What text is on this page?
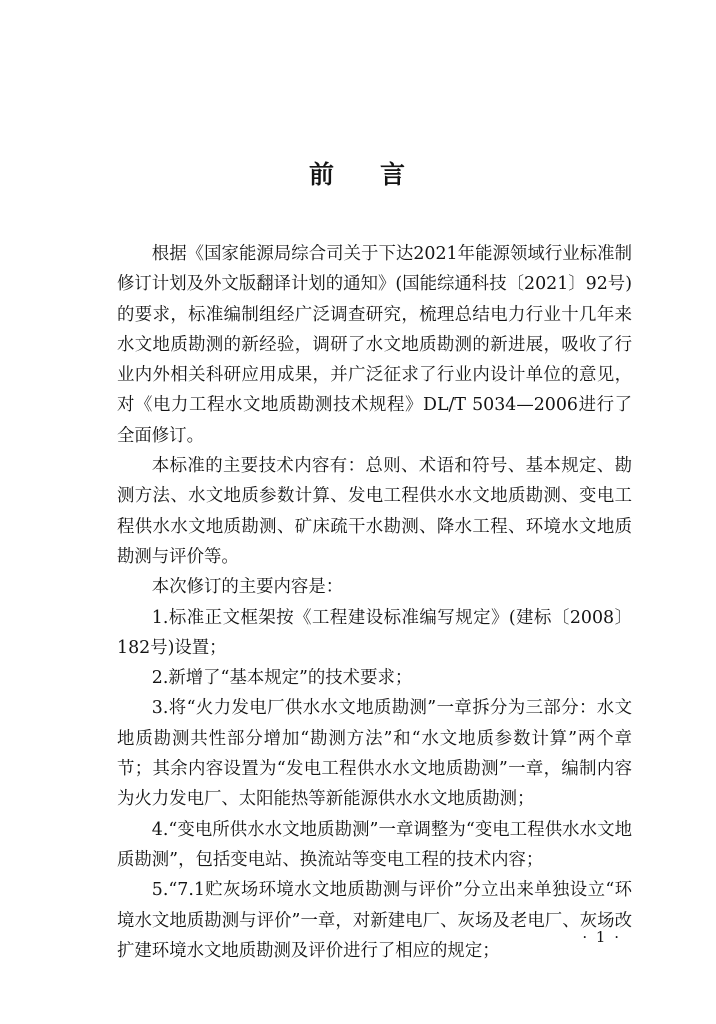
前 言

根据《国家能源局综合司关于下达2021年能源领域行业标准制修订计划及外文版翻译计划的通知》(国能综通科技〔2021〕92号)的要求，标准编制组经广泛调查研究，梳理总结电力行业十几年来水文地质勘测的新经验，调研了水文地质勘测的新进展，吸收了行业内外相关科研应用成果，并广泛征求了行业内设计单位的意见，对《电力工程水文地质勘测技术规程》DL/T 5034—2006进行了全面修订。

本标准的主要技术内容有：总则、术语和符号、基本规定、勘测方法、水文地质参数计算、发电工程供水水文地质勘测、变电工程供水水文地质勘测、矿床疏干水勘测、降水工程、环境水文地质勘测与评价等。

本次修订的主要内容是：

1.标准正文框架按《工程建设标准编写规定》(建标〔2008〕182号)设置；

2.新增了“基本规定”的技术要求；

3.将“火力发电厂供水水文地质勘测”一章拆分为三部分：水文地质勘测共性部分增加“勘测方法”和“水文地质参数计算”两个章节；其余内容设置为“发电工程供水水文地质勘测”一章，编制内容为火力发电厂、太阳能热等新能源供水水文地质勘测；

4.“变电所供水水文地质勘测”一章调整为“变电工程供水水文地质勘测”，包括变电站、换流站等变电工程的技术内容；

5.“7.1贮灰场环境水文地质勘测与评价”分立出来单独设立“环境水文地质勘测与评价”一章，对新建电厂、灰场及老电厂、灰场改扩建环境水文地质勘测及评价进行了相应的规定；

· 1 ·
